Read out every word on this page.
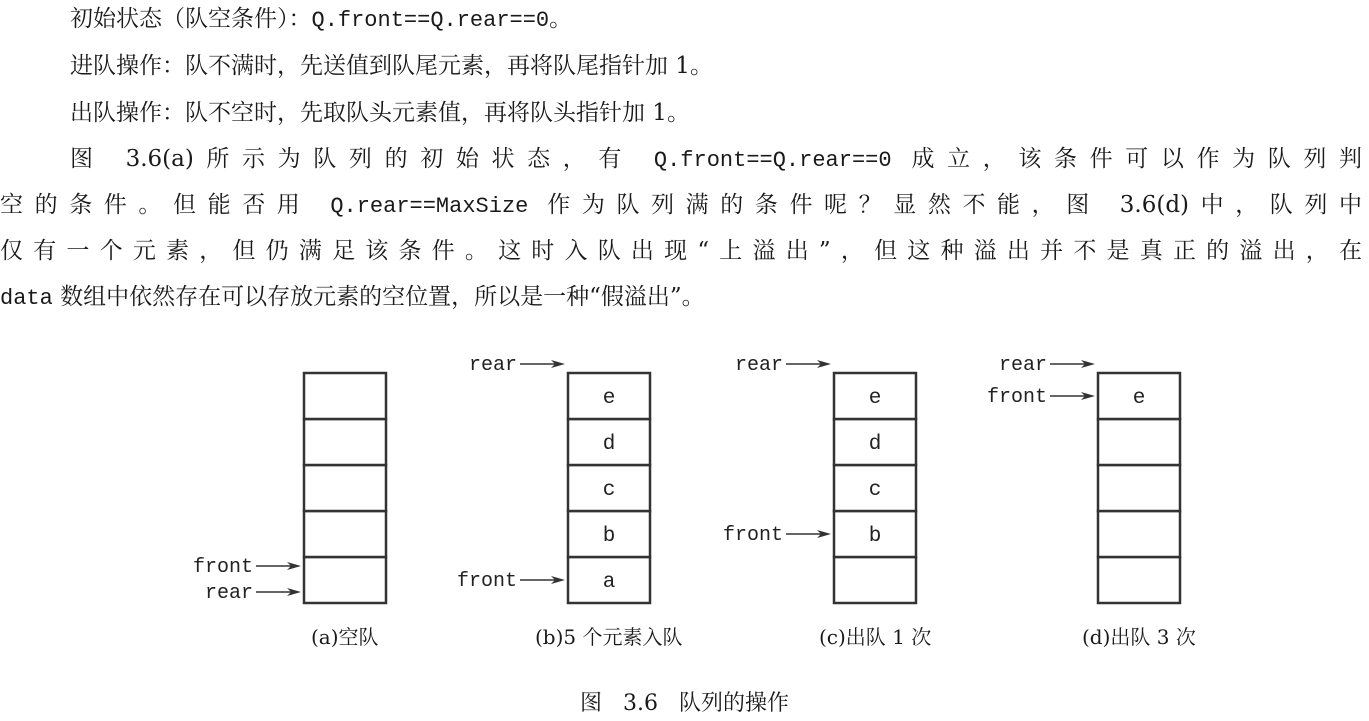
初始状态（队空条件）：Q.front==Q.rear==0。
进队操作：队不满时，先送值到队尾元素，再将队尾指针加 1。
出队操作：队不空时，先取队头元素值，再将队头指针加 1。
图 3.6(a)所示为队列的初始状态，有 Q.front==Q.rear==0 成立，该条件可以作为队列判
空的条件。但能否用 Q.rear==MaxSize 作为队列满的条件呢？显然不能，图 3.6(d)中，队列中
仅有一个元素，但仍满足该条件。这时入队出现“上溢出”，但这种溢出并不是真正的溢出，在
data 数组中依然存在可以存放元素的空位置，所以是一种“假溢出”。
rear
front
a
b
c
d
e
rear
front
b
c
d
e
rear
front
e
rear
front
(a)空队	(b)5 个元素入队	(c)出队 1 次	(d)出队 3 次
图 3.6 队列的操作
